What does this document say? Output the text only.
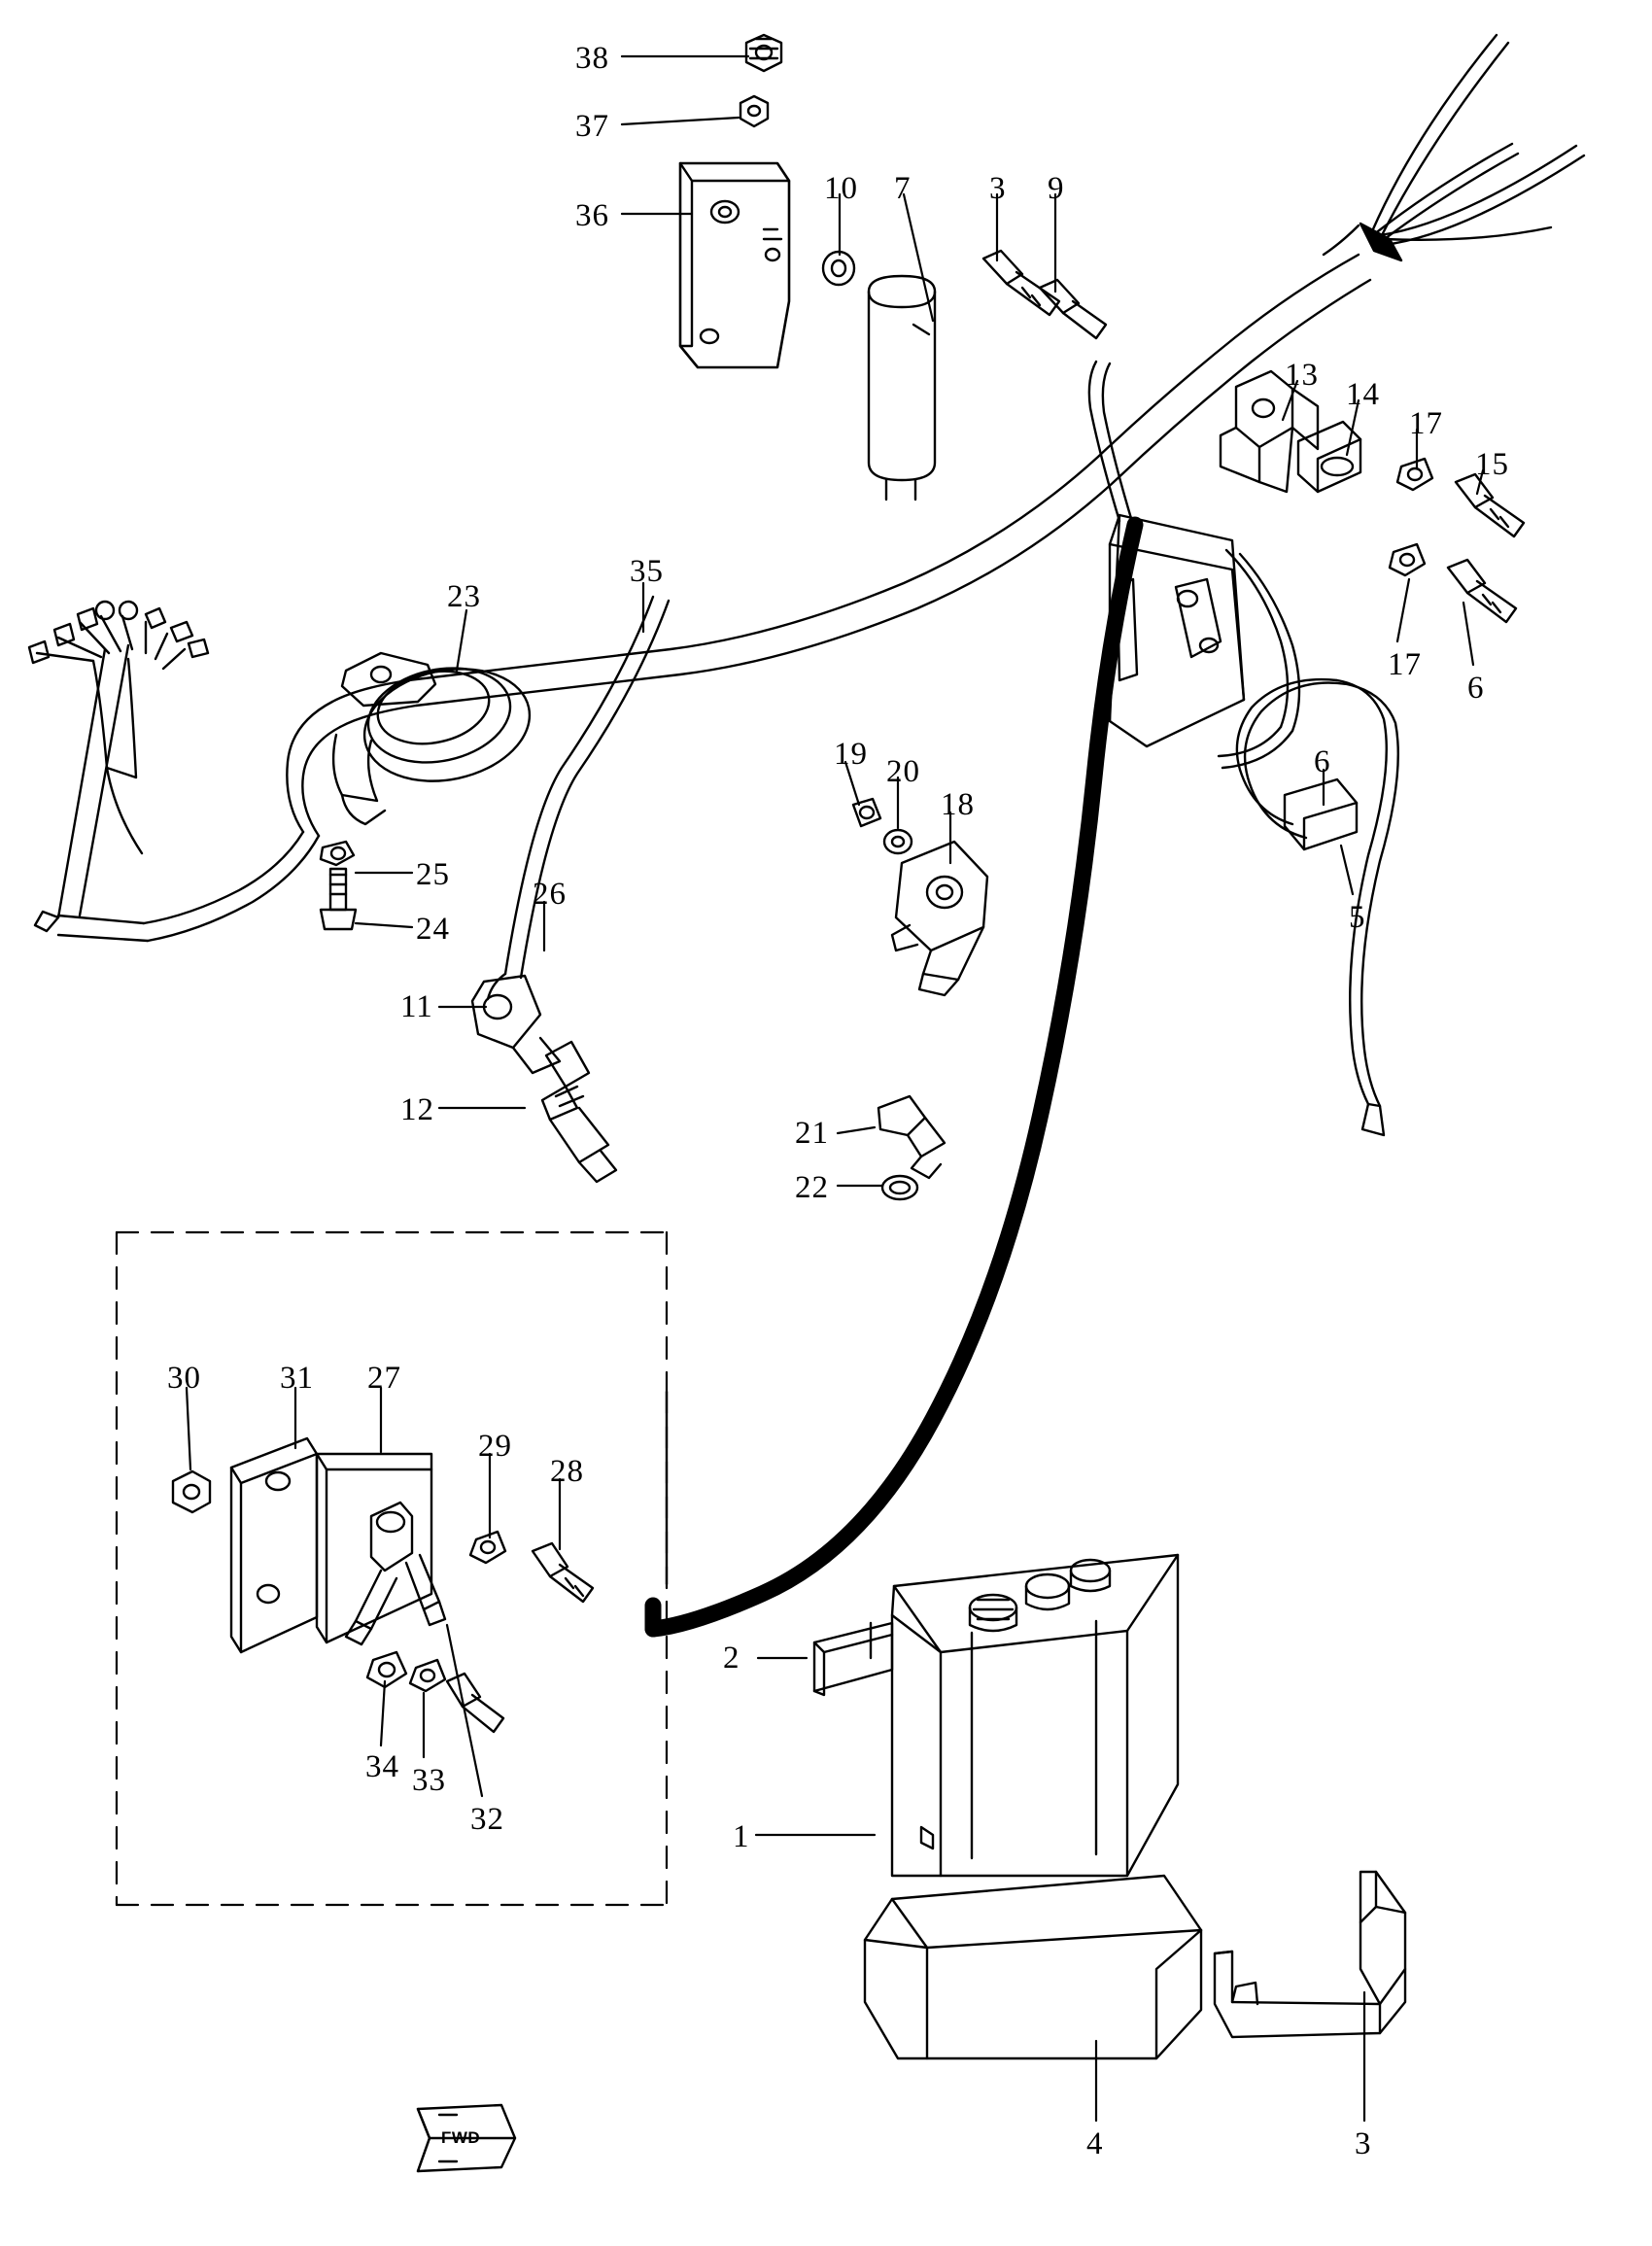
38
37
36
10 7 3 9
13
14
17
15
17
6
23
35
19 20
18
6
5
25
24
26
11
12
21
22
30 31 27
29
28
34 33
32
2
1
4	3
FWD
